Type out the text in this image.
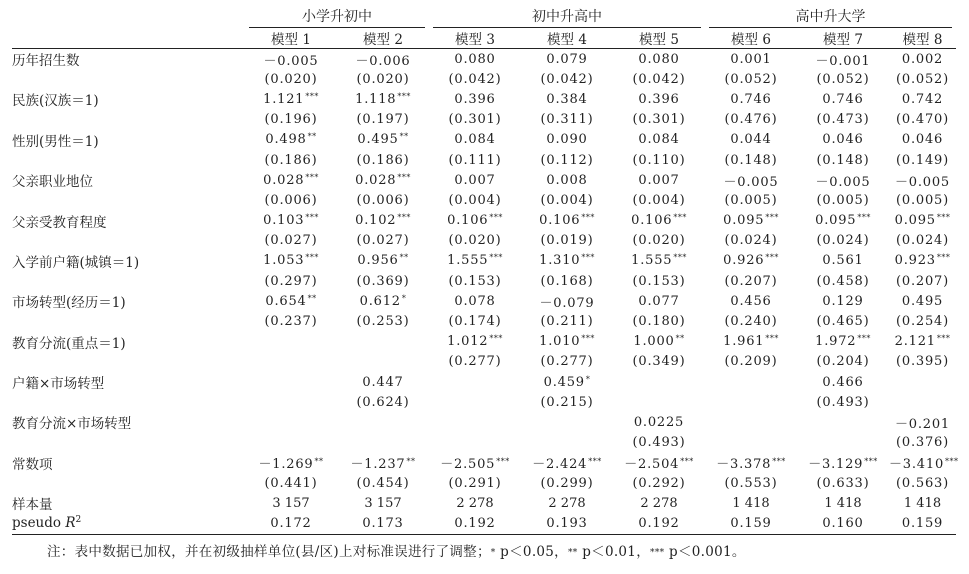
	小学升初中		初中升高中			高中升大学		

	模型 1	模型 2	模型 3	模型 4	模型 5	模型 6	模型 7	模型 8
历年招生数	－0.005	－0.006	0.080	0.079	0.080	0.001	－0.001	0.002
	(0.020)	(0.020)	(0.042)	(0.042)	(0.042)	(0.052)	(0.052)	(0.052)
民族(汉族＝1)	1.121***	1.118***	0.396	0.384	0.396	0.746	0.746	0.742
	(0.196)	(0.197)	(0.301)	(0.311)	(0.301)	(0.476)	(0.473)	(0.470)
性别(男性＝1)	0.498**	0.495**	0.084	0.090	0.084	0.044	0.046	0.046
	(0.186)	(0.186)	(0.111)	(0.112)	(0.110)	(0.148)	(0.148)	(0.149)
父亲职业地位	0.028***	0.028***	0.007	0.008	0.007	－0.005	－0.005	－0.005
	(0.006)	(0.006)	(0.004)	(0.004)	(0.004)	(0.005)	(0.005)	(0.005)
父亲受教育程度	0.103***	0.102***	0.106***	0.106***	0.106***	0.095***	0.095***	0.095***
	(0.027)	(0.027)	(0.020)	(0.019)	(0.020)	(0.024)	(0.024)	(0.024)
入学前户籍(城镇＝1)	1.053***	0.956**	1.555***	1.310***	1.555***	0.926***	0.561	0.923***
	(0.297)	(0.369)	(0.153)	(0.168)	(0.153)	(0.207)	(0.458)	(0.207)
市场转型(经历＝1)	0.654**	0.612*	0.078	－0.079	0.077	0.456	0.129	0.495
	(0.237)	(0.253)	(0.174)	(0.211)	(0.180)	(0.240)	(0.465)	(0.254)
教育分流(重点＝1)			1.012***	1.010***	1.000**	1.961***	1.972***	2.121***
			(0.277)	(0.277)	(0.349)	(0.209)	(0.204)	(0.395)
户籍×市场转型		0.447		0.459*			0.466	
		(0.624)		(0.215)			(0.493)	
教育分流×市场转型					0.0225			－0.201
					(0.493)			(0.376)
常数项	－1.269**	－1.237**	－2.505***	－2.424***	－2.504***	－3.378***	－3.129***	－3.410***
	(0.441)	(0.454)	(0.291)	(0.299)	(0.292)	(0.553)	(0.633)	(0.563)
样本量	3 157	3 157	2 278	2 278	2 278	1 418	1 418	1 418
pseudo $R^2$	0.172	0.173	0.192	0.193	0.192	0.159	0.160	0.159
注：表中数据已加权，并在初级抽样单位(县/区)上对标准误进行了调整；* p＜0.05，** p＜0.01，*** p＜0.001。
